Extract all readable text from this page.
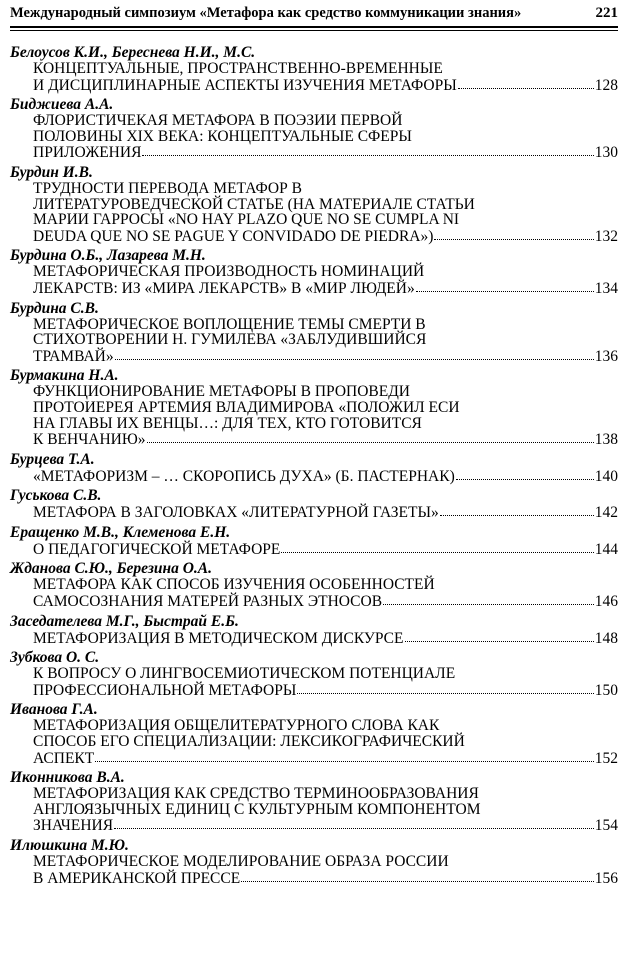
Международный симпозиум «Метафора как средство коммуникации знания»	221
Белоусов К.И., Береснева Н.И., М.С.
КОНЦЕПТУАЛЬНЫЕ, ПРОСТРАНСТВЕННО-ВРЕМЕННЫЕ
И ДИСЦИПЛИНАРНЫЕ АСПЕКТЫ ИЗУЧЕНИЯ МЕТАФОРЫ	128
Биджиева А.А.
ФЛОРИСТИЧЕКАЯ МЕТАФОРА В ПОЭЗИИ ПЕРВОЙ
ПОЛОВИНЫ XIX ВЕКА: КОНЦЕПТУАЛЬНЫЕ СФЕРЫ
ПРИЛОЖЕНИЯ	130
Бурдин И.В.
ТРУДНОСТИ ПЕРЕВОДА МЕТАФОР В
ЛИТЕРАТУРОВЕДЧЕСКОЙ СТАТЬЕ (НА МАТЕРИАЛЕ СТАТЬИ
МАРИИ ГАРРОСЫ «NO HAY PLAZO QUE NO SE CUMPLA NI
DEUDA QUE NO SE PAGUE Y CONVIDADO DE PIEDRA»)	132
Бурдина О.Б., Лазарева М.Н.
МЕТАФОРИЧЕСКАЯ ПРОИЗВОДНОСТЬ НОМИНАЦИЙ
ЛЕКАРСТВ: ИЗ «МИРА ЛЕКАРСТВ» В «МИР ЛЮДЕЙ»	134
Бурдина С.В.
МЕТАФОРИЧЕСКОЕ ВОПЛОЩЕНИЕ ТЕМЫ СМЕРТИ В
СТИХОТВОРЕНИИ Н. ГУМИЛЕВА «ЗАБЛУДИВШИЙСЯ
ТРАМВАЙ»	136
Бурмакина Н.А.
ФУНКЦИОНИРОВАНИЕ МЕТАФОРЫ В ПРОПОВЕДИ
ПРОТОИЕРЕЯ АРТЕМИЯ ВЛАДИМИРОВА «ПОЛОЖИЛ ЕСИ
НА ГЛАВЫ ИХ ВЕНЦЫ…: ДЛЯ ТЕХ, КТО ГОТОВИТСЯ
К ВЕНЧАНИЮ»	138
Бурцева Т.А.
«МЕТАФОРИЗМ – … СКОРОПИСЬ ДУХА» (Б. ПАСТЕРНАК)	140
Гуськова С.В.
МЕТАФОРА В ЗАГОЛОВКАХ «ЛИТЕРАТУРНОЙ ГАЗЕТЫ»	142
Еращенко М.В., Клеменова Е.Н.
О ПЕДАГОГИЧЕСКОЙ МЕТАФОРЕ	144
Жданова С.Ю., Березина О.А.
МЕТАФОРА КАК СПОСОБ ИЗУЧЕНИЯ ОСОБЕННОСТЕЙ
САМОСОЗНАНИЯ МАТЕРЕЙ РАЗНЫХ ЭТНОСОВ	146
Заседателева М.Г., Быстрай Е.Б.
МЕТАФОРИЗАЦИЯ В МЕТОДИЧЕСКОМ ДИСКУРСЕ	148
Зубкова О. С.
К ВОПРОСУ О ЛИНГВОСЕМИОТИЧЕСКОМ ПОТЕНЦИАЛЕ
ПРОФЕССИОНАЛЬНОЙ МЕТАФОРЫ	150
Иванова Г.А.
МЕТАФОРИЗАЦИЯ ОБЩЕЛИТЕРАТУРНОГО СЛОВА КАК
СПОСОБ ЕГО СПЕЦИАЛИЗАЦИИ: ЛЕКСИКОГРАФИЧЕСКИЙ
АСПЕКТ	152
Иконникова В.А.
МЕТАФОРИЗАЦИЯ КАК СРЕДСТВО ТЕРМИНООБРАЗОВАНИЯ
АНГЛОЯЗЫЧНЫХ ЕДИНИЦ С КУЛЬТУРНЫМ КОМПОНЕНТОМ
ЗНАЧЕНИЯ	154
Илюшкина М.Ю.
МЕТАФОРИЧЕСКОЕ МОДЕЛИРОВАНИЕ ОБРАЗА РОССИИ
В АМЕРИКАНСКОЙ ПРЕССЕ	156
